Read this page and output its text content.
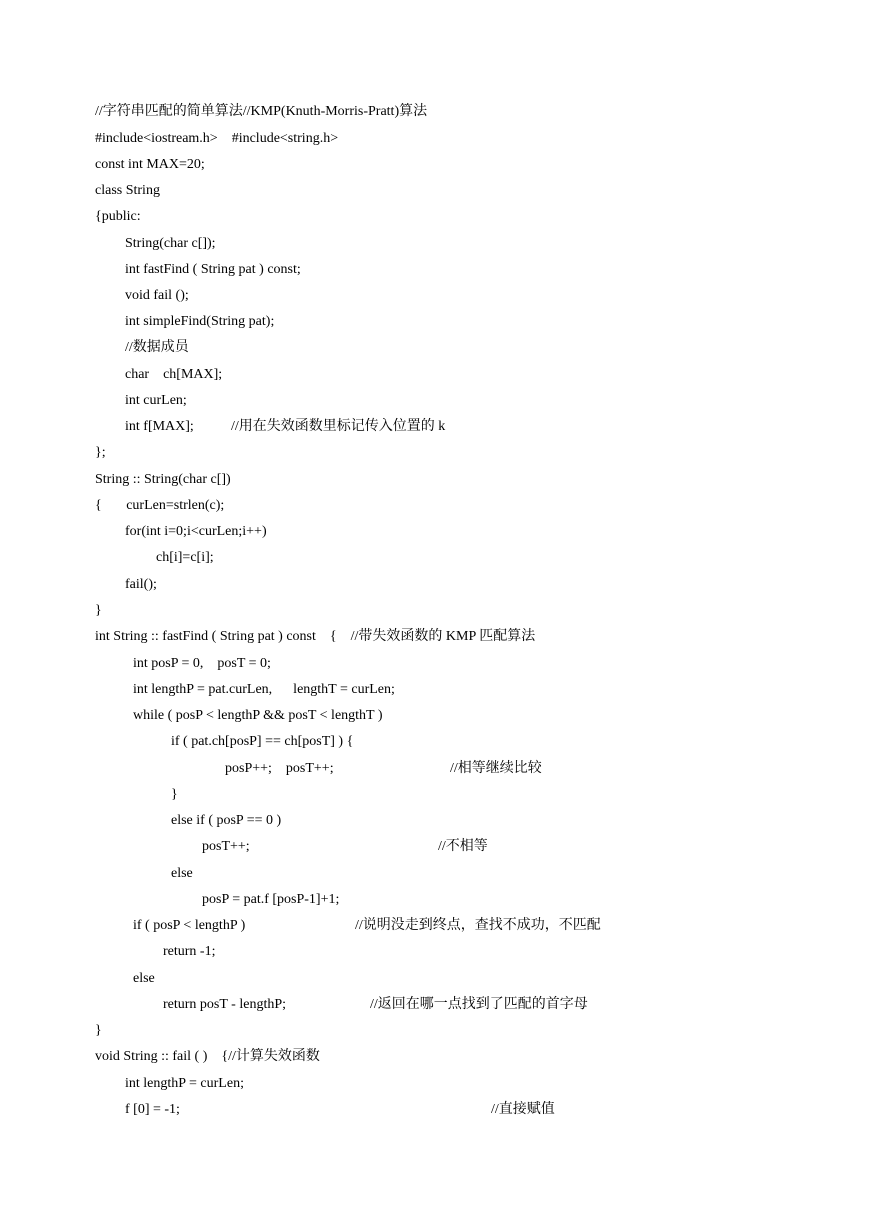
//字符串匹配的简单算法//KMP(Knuth-Morris-Pratt)算法
#include<iostream.h>    #include<string.h>
const int MAX=20;
class String
{public:
String(char c[]);
int fastFind ( String pat ) const;
void fail ();
int simpleFind(String pat);
//数据成员
char    ch[MAX];
int curLen;
int f[MAX];	//用在失效函数里标记传入位置的 k
};
String :: String(char c[])
{       curLen=strlen(c);
for(int i=0;i<curLen;i++)
ch[i]=c[i];
fail();
}
int String :: fastFind ( String pat ) const    {    //带失效函数的 KMP 匹配算法
int posP = 0,    posT = 0;
int lengthP = pat.curLen,      lengthT = curLen;
while ( posP < lengthP && posT < lengthT )
if ( pat.ch[posP] == ch[posT] ) {
posP++;    posT++;	//相等继续比较
}
else if ( posP == 0 )
posT++;	//不相等
else
posP = pat.f [posP-1]+1;
if ( posP < lengthP )	//说明没走到终点，查找不成功，不匹配
return -1;
else
return posT - lengthP;	//返回在哪一点找到了匹配的首字母
}
void String :: fail ( )    {//计算失效函数
int lengthP = curLen;
f [0] = -1;	//直接赋值
